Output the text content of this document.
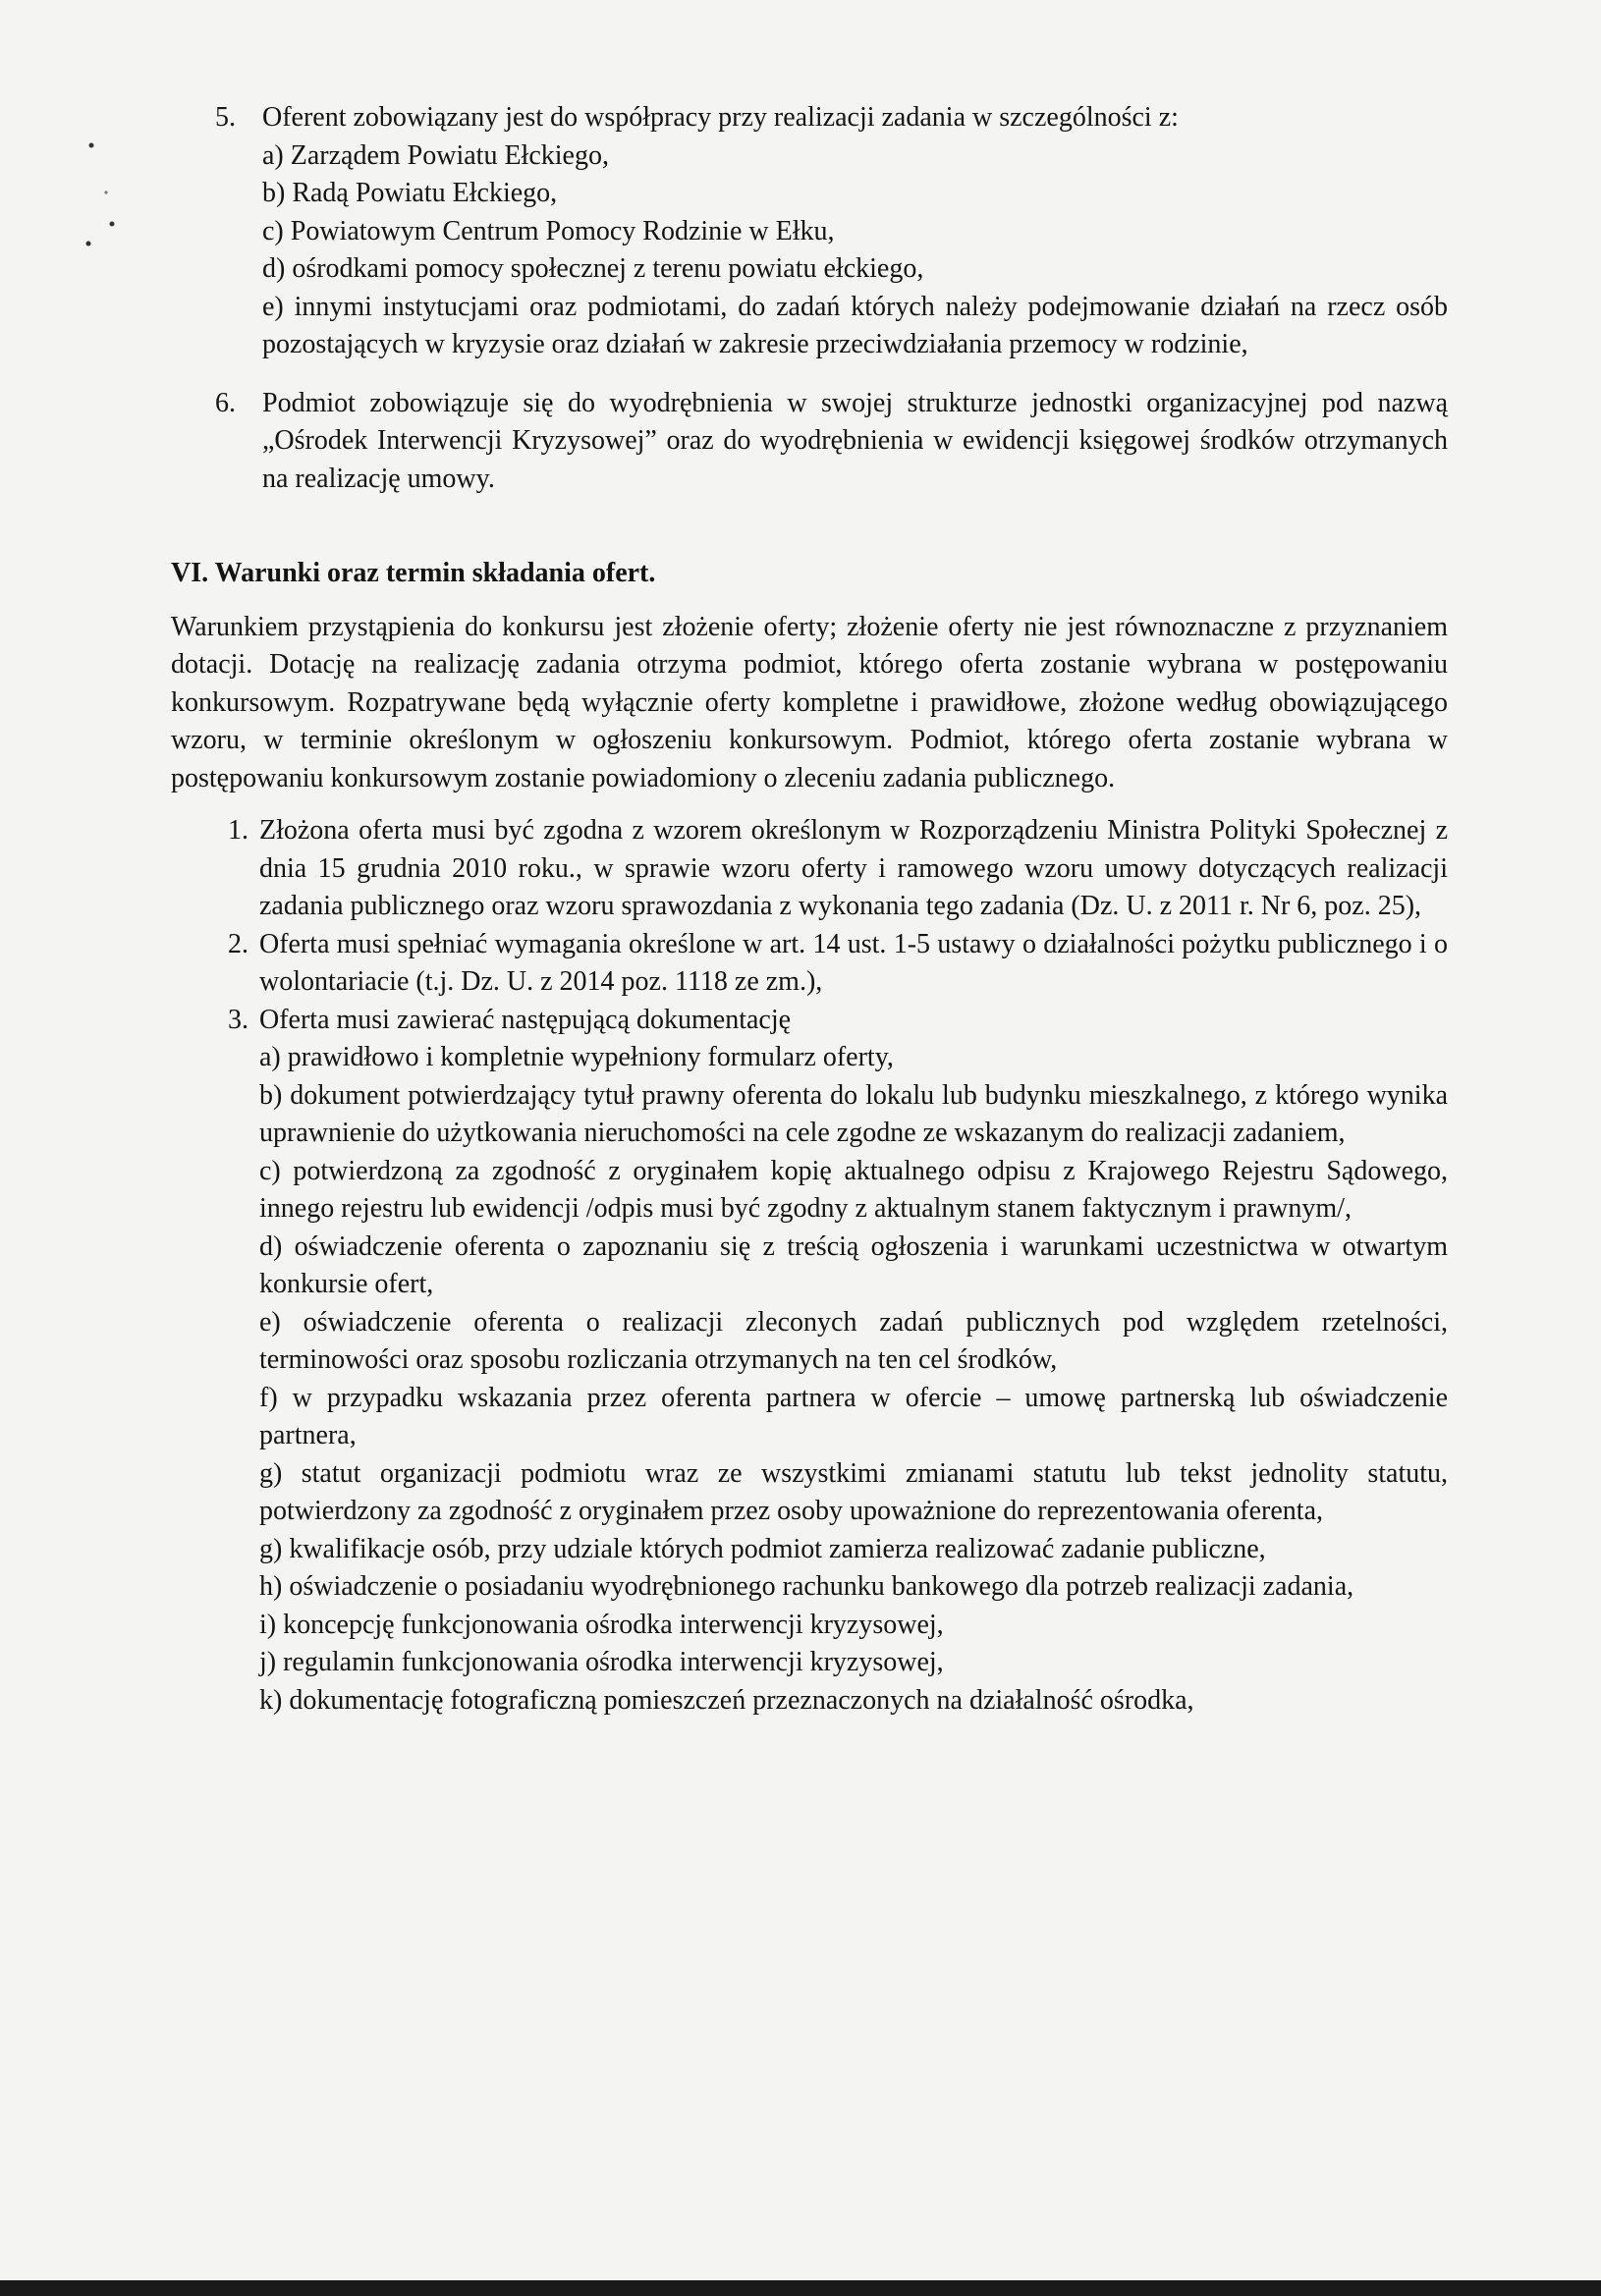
5. Oferent zobowiązany jest do współpracy przy realizacji zadania w szczególności z:

a) Zarządem Powiatu Ełckiego,

b) Radą Powiatu Ełckiego,

c) Powiatowym Centrum Pomocy Rodzinie w Ełku,

d) ośrodkami pomocy społecznej z terenu powiatu ełckiego,

e) innymi instytucjami oraz podmiotami, do zadań których należy podejmowanie działań na rzecz osób pozostających w kryzysie oraz działań w zakresie przeciwdziałania przemocy w rodzinie,

6. Podmiot zobowiązuje się do wyodrębnienia w swojej strukturze jednostki organizacyjnej pod nazwą „Ośrodek Interwencji Kryzysowej” oraz do wyodrębnienia w ewidencji księgowej środków otrzymanych na realizację umowy.

VI. Warunki oraz termin składania ofert.

Warunkiem przystąpienia do konkursu jest złożenie oferty; złożenie oferty nie jest równoznaczne z przyznaniem dotacji. Dotację na realizację zadania otrzyma podmiot, którego oferta zostanie wybrana w postępowaniu konkursowym. Rozpatrywane będą wyłącznie oferty kompletne i prawidłowe, złożone według obowiązującego wzoru, w terminie określonym w ogłoszeniu konkursowym. Podmiot, którego oferta zostanie wybrana w postępowaniu konkursowym zostanie powiadomiony o zleceniu zadania publicznego.

1. Złożona oferta musi być zgodna z wzorem określonym w Rozporządzeniu Ministra Polityki Społecznej z dnia 15 grudnia 2010 roku., w sprawie wzoru oferty i ramowego wzoru umowy dotyczących realizacji zadania publicznego oraz wzoru sprawozdania z wykonania tego zadania (Dz. U. z 2011 r. Nr 6, poz. 25),

2. Oferta musi spełniać wymagania określone w art. 14 ust. 1-5 ustawy o działalności pożytku publicznego i o wolontariacie (t.j. Dz. U. z 2014 poz. 1118 ze zm.),

3. Oferta musi zawierać następującą dokumentację

a) prawidłowo i kompletnie wypełniony formularz oferty,

b) dokument potwierdzający tytuł prawny oferenta do lokalu lub budynku mieszkalnego, z którego wynika uprawnienie do użytkowania nieruchomości na cele zgodne ze wskazanym do realizacji zadaniem,

c) potwierdzoną za zgodność z oryginałem kopię aktualnego odpisu z Krajowego Rejestru Sądowego, innego rejestru lub ewidencji /odpis musi być zgodny z aktualnym stanem faktycznym i prawnym/,

d) oświadczenie oferenta o zapoznaniu się z treścią ogłoszenia i warunkami uczestnictwa w otwartym konkursie ofert,

e) oświadczenie oferenta o realizacji zleconych zadań publicznych pod względem rzetelności, terminowości oraz sposobu rozliczania otrzymanych na ten cel środków,

f) w przypadku wskazania przez oferenta partnera w ofercie – umowę partnerską lub oświadczenie partnera,

g) statut organizacji podmiotu wraz ze wszystkimi zmianami statutu lub tekst jednolity statutu, potwierdzony za zgodność z oryginałem przez osoby upoważnione do reprezentowania oferenta,

g) kwalifikacje osób, przy udziale których podmiot zamierza realizować zadanie publiczne,

h) oświadczenie o posiadaniu wyodrębnionego rachunku bankowego dla potrzeb realizacji zadania,

i) koncepcję funkcjonowania ośrodka interwencji kryzysowej,

j) regulamin funkcjonowania ośrodka interwencji kryzysowej,

k) dokumentację fotograficzną pomieszczeń przeznaczonych na działalność ośrodka,
